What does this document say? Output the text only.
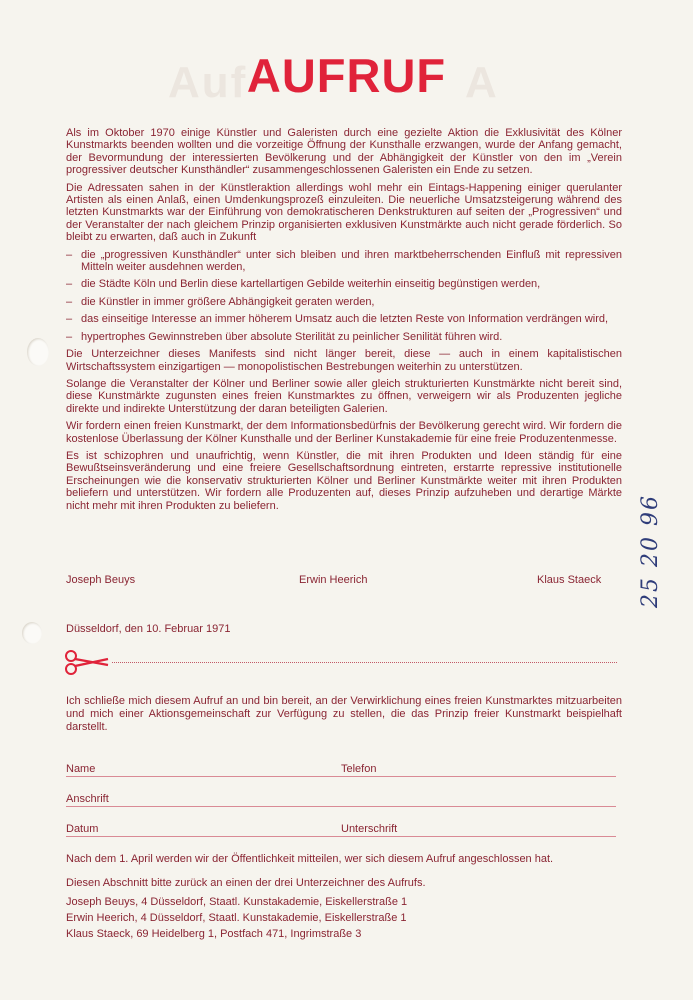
Auf	A
AUFRUF

Als im Oktober 1970 einige Künstler und Galeristen durch eine gezielte Aktion die Exklusivität des Kölner Kunstmarkts beenden wollten und die vorzeitige Öffnung der Kunsthalle erzwangen, wurde der Anfang gemacht, der Bevormundung der interessierten Bevölkerung und der Abhängigkeit der Künstler von den im „Verein progressiver deutscher Kunsthändler“ zusammengeschlossenen Galeristen ein Ende zu setzen.

Die Adressaten sahen in der Künstleraktion allerdings wohl mehr ein Eintags-Happening einiger querulanter Artisten als einen Anlaß, einen Umdenkungsprozeß einzuleiten. Die neuerliche Umsatzsteigerung während des letzten Kunstmarkts war der Einführung von demokratischeren Denkstrukturen auf seiten der „Progressiven“ und der Veranstalter der nach gleichem Prinzip organisierten exklusiven Kunstmärkte auch nicht gerade förderlich. So bleibt zu erwarten, daß auch in Zukunft

– die „progressiven Kunsthändler“ unter sich bleiben und ihren marktbeherrschenden Einfluß mit repressiven Mitteln weiter ausdehnen werden,
– die Städte Köln und Berlin diese kartellartigen Gebilde weiterhin einseitig begünstigen werden,
– die Künstler in immer größere Abhängigkeit geraten werden,
– das einseitige Interesse an immer höherem Umsatz auch die letzten Reste von Information verdrängen wird,
– hypertrophes Gewinnstreben über absolute Sterilität zu peinlicher Senilität führen wird.

Die Unterzeichner dieses Manifests sind nicht länger bereit, diese — auch in einem kapitalistischen Wirtschaftssystem einzigartigen — monopolistischen Bestrebungen weiterhin zu unterstützen.

Solange die Veranstalter der Kölner und Berliner sowie aller gleich strukturierten Kunstmärkte nicht bereit sind, diese Kunstmärkte zugunsten eines freien Kunstmarktes zu öffnen, verweigern wir als Produzenten jegliche direkte und indirekte Unterstützung der daran beteiligten Galerien.

Wir fordern einen freien Kunstmarkt, der dem Informationsbedürfnis der Bevölkerung gerecht wird. Wir fordern die kostenlose Überlassung der Kölner Kunsthalle und der Berliner Kunstakademie für eine freie Produzentenmesse.

Es ist schizophren und unaufrichtig, wenn Künstler, die mit ihren Produkten und Ideen ständig für eine Bewußtseinsveränderung und eine freiere Gesellschaftsordnung eintreten, erstarrte repressive institutionelle Erscheinungen wie die konservativ strukturierten Kölner und Berliner Kunstmärkte weiter mit ihren Produkten beliefern und unterstützen. Wir fordern alle Produzenten auf, dieses Prinzip aufzuheben und derartige Märkte nicht mehr mit ihren Produkten zu beliefern.

Joseph Beuys	Erwin Heerich	Klaus Staeck
Düsseldorf, den 10. Februar 1971
Ich schließe mich diesem Aufruf an und bin bereit, an der Verwirklichung eines freien Kunstmarktes mitzuarbeiten und mich einer Aktionsgemeinschaft zur Verfügung zu stellen, die das Prinzip freier Kunstmarkt beispielhaft darstellt.
Name	Telefon
Anschrift
Datum	Unterschrift
Nach dem 1. April werden wir der Öffentlichkeit mitteilen, wer sich diesem Aufruf angeschlossen hat.
Diesen Abschnitt bitte zurück an einen der drei Unterzeichner des Aufrufs.
Joseph Beuys, 4 Düsseldorf, Staatl. Kunstakademie, Eiskellerstraße 1
Erwin Heerich, 4 Düsseldorf, Staatl. Kunstakademie, Eiskellerstraße 1
Klaus Staeck, 69 Heidelberg 1, Postfach 471, Ingrimstraße 3
25 20 96
